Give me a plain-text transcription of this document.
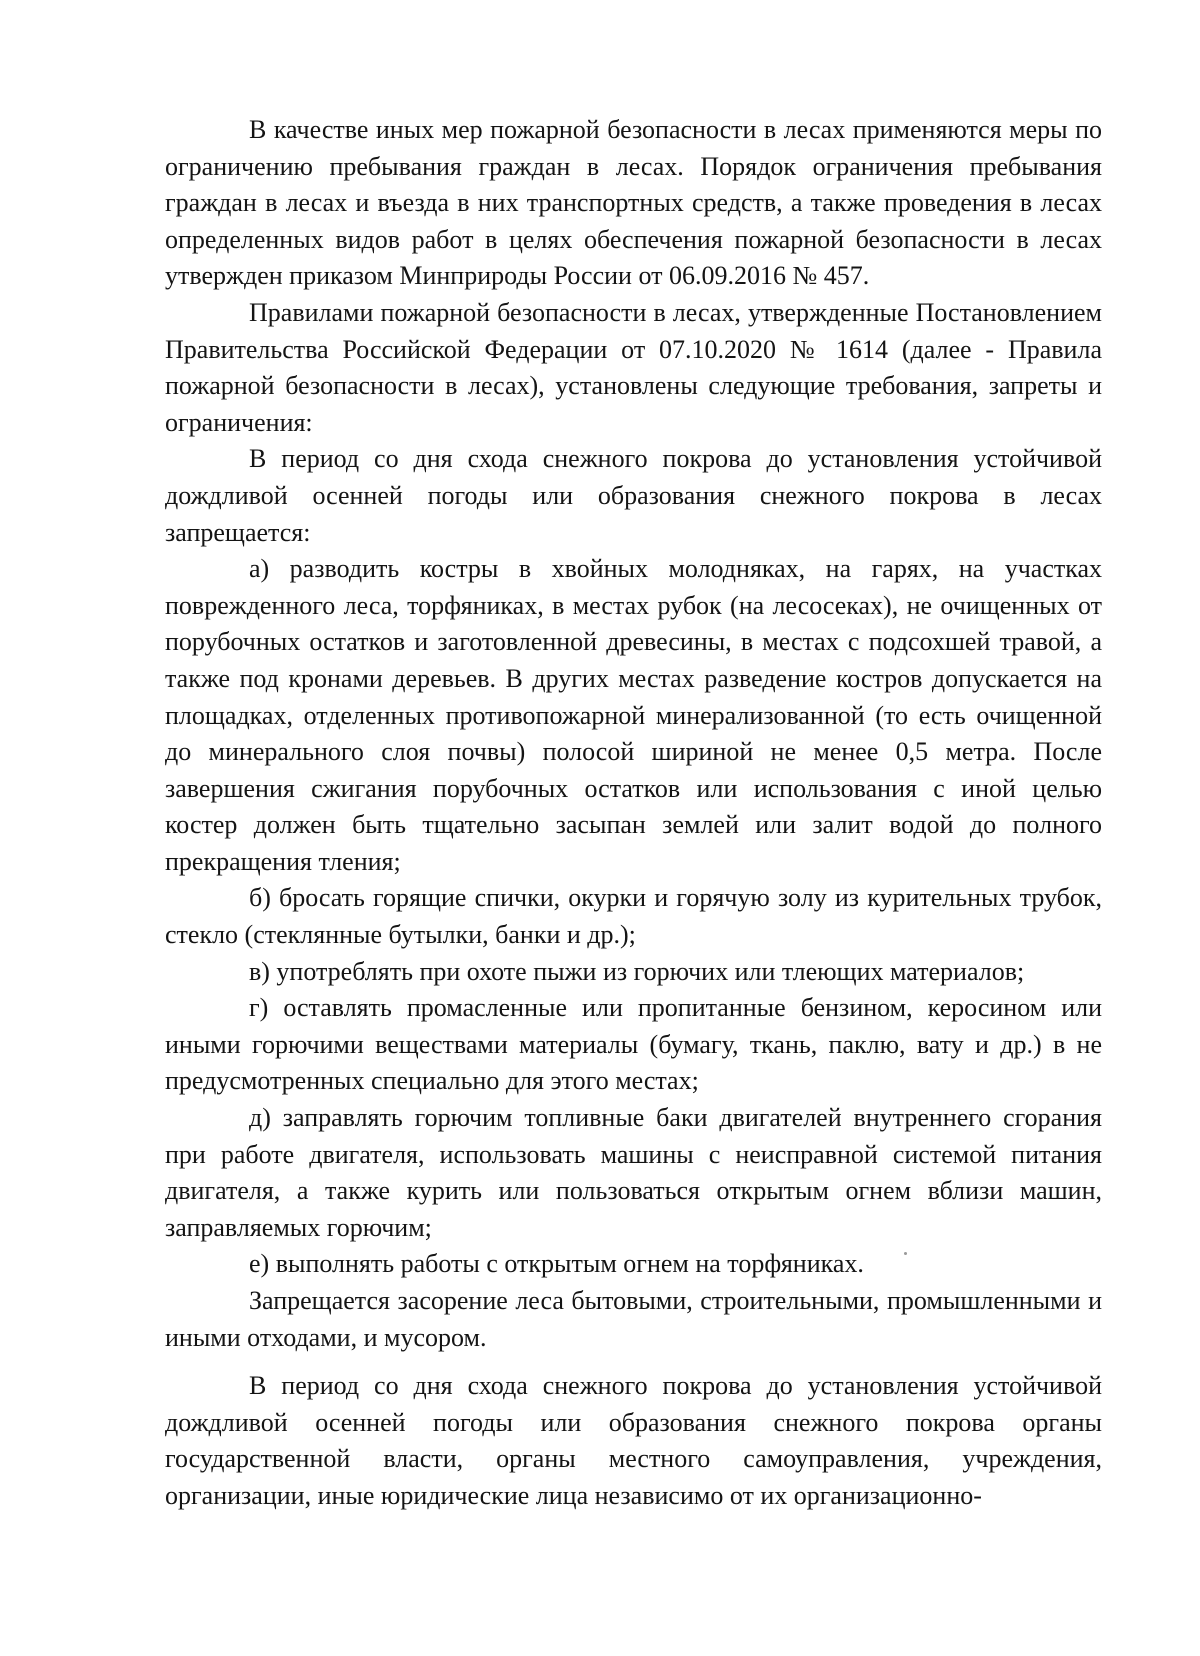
В качестве иных мер пожарной безопасности в лесах применяются меры по ограничению пребывания граждан в лесах. Порядок ограничения пребывания граждан в лесах и въезда в них транспортных средств, а также проведения в лесах определенных видов работ в целях обеспечения пожарной безопасности в лесах утвержден приказом Минприроды России от 06.09.2016 № 457.

Правилами пожарной безопасности в лесах, утвержденные Постановлением Правительства Российской Федерации от 07.10.2020 № 1614 (далее - Правила пожарной безопасности в лесах), установлены следующие требования, запреты и ограничения:

В период со дня схода снежного покрова до установления устойчивой дождливой осенней погоды или образования снежного покрова в лесах запрещается:

а) разводить костры в хвойных молодняках, на гарях, на участках поврежденного леса, торфяниках, в местах рубок (на лесосеках), не очищенных от порубочных остатков и заготовленной древесины, в местах с подсохшей травой, а также под кронами деревьев. В других местах разведение костров допускается на площадках, отделенных противопожарной минерализованной (то есть очищенной до минерального слоя почвы) полосой шириной не менее 0,5 метра. После завершения сжигания порубочных остатков или использования с иной целью костер должен быть тщательно засыпан землей или залит водой до полного прекращения тления;

б) бросать горящие спички, окурки и горячую золу из курительных трубок, стекло (стеклянные бутылки, банки и др.);

в) употреблять при охоте пыжи из горючих или тлеющих материалов;

г) оставлять промасленные или пропитанные бензином, керосином или иными горючими веществами материалы (бумагу, ткань, паклю, вату и др.) в не предусмотренных специально для этого местах;

д) заправлять горючим топливные баки двигателей внутреннего сгорания при работе двигателя, использовать машины с неисправной системой питания двигателя, а также курить или пользоваться открытым огнем вблизи машин, заправляемых горючим;

е) выполнять работы с открытым огнем на торфяниках.

Запрещается засорение леса бытовыми, строительными, промышленными и иными отходами, и мусором.

В период со дня схода снежного покрова до установления устойчивой дождливой осенней погоды или образования снежного покрова органы государственной власти, органы местного самоуправления, учреждения, организации, иные юридические лица независимо от их организационно-
